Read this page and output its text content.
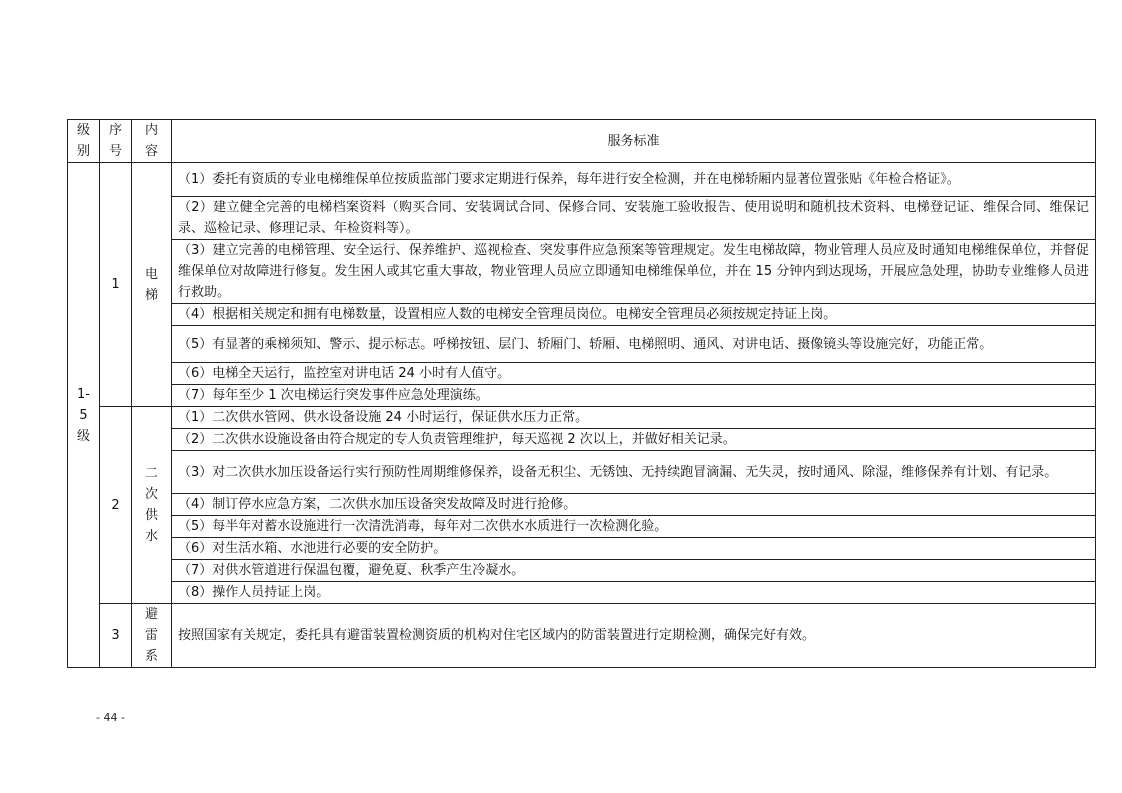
级别	序号	内容	服务标准
1-5级	1	电梯	（1）委托有资质的专业电梯维保单位按质监部门要求定期进行保养，每年进行安全检测，并在电梯轿厢内显著位置张贴《年检合格证》。
			（2）建立健全完善的电梯档案资料（购买合同、安装调试合同、保修合同、安装施工验收报告、使用说明和随机技术资料、电梯登记证、维保合同、维保记录、巡检记录、修理记录、年检资料等）。
			（3）建立完善的电梯管理、安全运行、保养维护、巡视检查、突发事件应急预案等管理规定。发生电梯故障，物业管理人员应及时通知电梯维保单位，并督促维保单位对故障进行修复。发生困人或其它重大事故，物业管理人员应立即通知电梯维保单位，并在 15 分钟内到达现场，开展应急处理，协助专业维修人员进行救助。
			（4）根据相关规定和拥有电梯数量，设置相应人数的电梯安全管理员岗位。电梯安全管理员必须按规定持证上岗。
			（5）有显著的乘梯须知、警示、提示标志。呼梯按钮、层门、轿厢门、轿厢、电梯照明、通风、对讲电话、摄像镜头等设施完好，功能正常。
			（6）电梯全天运行，监控室对讲电话 24 小时有人值守。
			（7）每年至少 1 次电梯运行突发事件应急处理演练。
	2	二次供水	（1）二次供水管网、供水设备设施 24 小时运行，保证供水压力正常。
			（2）二次供水设施设备由符合规定的专人负责管理维护，每天巡视 2 次以上，并做好相关记录。
			（3）对二次供水加压设备运行实行预防性周期维修保养，设备无积尘、无锈蚀、无持续跑冒滴漏、无失灵，按时通风、除湿，维修保养有计划、有记录。
			（4）制订停水应急方案，二次供水加压设备突发故障及时进行抢修。
			（5）每半年对蓄水设施进行一次清洗消毒，每年对二次供水水质进行一次检测化验。
			（6）对生活水箱、水池进行必要的安全防护。
			（7）对供水管道进行保温包覆，避免夏、秋季产生冷凝水。
			（8）操作人员持证上岗。
	3	避雷系	按照国家有关规定，委托具有避雷装置检测资质的机构对住宅区域内的防雷装置进行定期检测，确保完好有效。
- 44 -
